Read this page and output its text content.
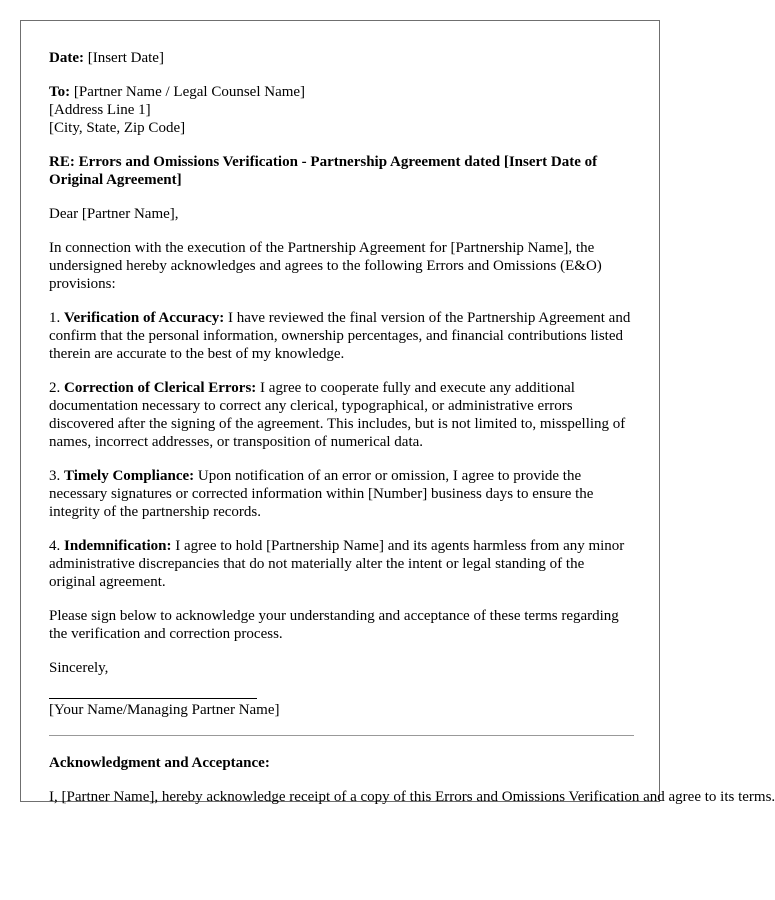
Date: [Insert Date]

To: [Partner Name / Legal Counsel Name]
[Address Line 1]
[City, State, Zip Code]

RE: Errors and Omissions Verification - Partnership Agreement dated [Insert Date of Original Agreement]

Dear [Partner Name],

In connection with the execution of the Partnership Agreement for [Partnership Name], the undersigned hereby acknowledges and agrees to the following Errors and Omissions (E&O) provisions:

1. Verification of Accuracy: I have reviewed the final version of the Partnership Agreement and confirm that the personal information, ownership percentages, and financial contributions listed therein are accurate to the best of my knowledge.

2. Correction of Clerical Errors: I agree to cooperate fully and execute any additional documentation necessary to correct any clerical, typographical, or administrative errors discovered after the signing of the agreement. This includes, but is not limited to, misspelling of names, incorrect addresses, or transposition of numerical data.

3. Timely Compliance: Upon notification of an error or omission, I agree to provide the necessary signatures or corrected information within [Number] business days to ensure the integrity of the partnership records.

4. Indemnification: I agree to hold [Partnership Name] and its agents harmless from any minor administrative discrepancies that do not materially alter the intent or legal standing of the original agreement.

Please sign below to acknowledge your understanding and acceptance of these terms regarding the verification and correction process.

Sincerely,

[Your Name/Managing Partner Name]

Acknowledgment and Acceptance:

I, [Partner Name], hereby acknowledge receipt of a copy of this Errors and Omissions Verification and agree to its terms.
